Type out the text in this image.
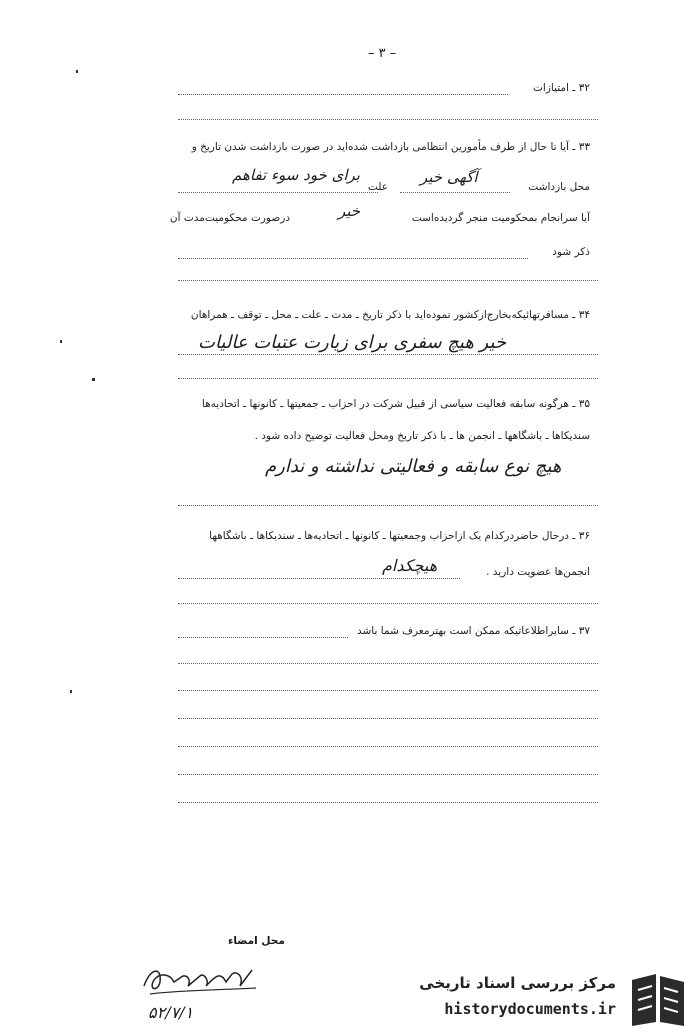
– ٣ –
٣٢ ـ امتیازات
٣٣ ـ آیا تا حال از طرف مأمورین انتظامی بازداشت شده‌اید در صورت بازداشت شدن تاریخ و
محل بازداشت
آگهی خیر
علت
برای خود سوء تفاهم
آیا سرانجام بمحکومیت منجر گردیده‌است
خیر
درصورت محکومیت‌مدت آن
ذکر شود
٣۴ ـ مسافرتهائیکه‌بخارج‌ازکشور نموده‌اید با ذکر تاریخ ـ مدت ـ علت ـ محل ـ توقف ـ همراهان
خیر هیچ سفری برای زیارت عتبات عالیات
٣۵ ـ هرگونه سابقه فعالیت سیاسی از قبیل شرکت در احزاب ـ جمعیتها ـ کانونها ـ اتحادیه‌ها
سندیکاها ـ باشگاهها ـ انجمن ها ـ با ذکر تاریخ ومحل فعالیت توضیح داده شود .
هیچ نوع سابقه و فعالیتی نداشته و ندارم
٣۶ ـ درحال حاضردرکدام یک ازاحزاب وجمعیتها ـ کانونها ـ اتحادیه‌ها ـ سندیکاها ـ باشگاهها
انجمن‌ها عضویت دارید .
هیچکدام
٣٧ ـ سایراطلاعاتیکه ممکن است بهترمعرف شما باشد
محل امضاء
۵۲/۷/۱
مرکز بررسی اسناد تاریخی
historydocuments.ir
